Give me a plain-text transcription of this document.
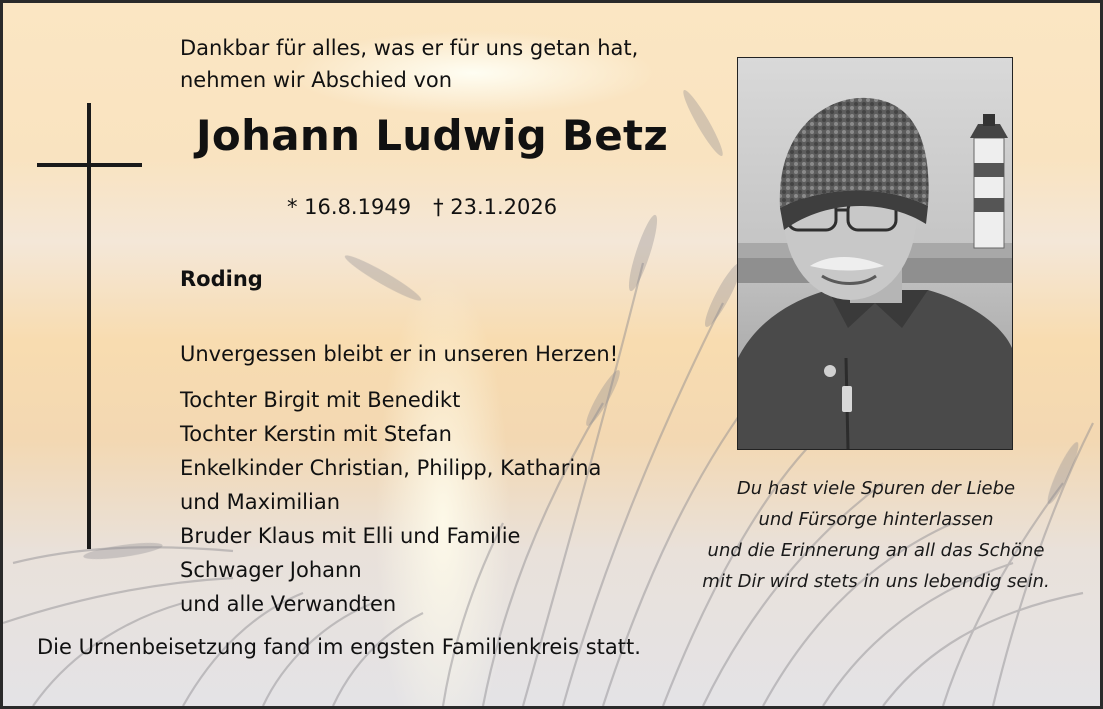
Dankbar für alles, was er für uns getan hat,
nehmen wir Abschied von
Johann Ludwig Betz
* 16.8.1949 † 23.1.2026
Roding
Unvergessen bleibt er in unseren Herzen!
Tochter Birgit mit Benedikt
Tochter Kerstin mit Stefan
Enkelkinder Christian, Philipp, Katharina
und Maximilian
Bruder Klaus mit Elli und Familie
Schwager Johann
und alle Verwandten
Du hast viele Spuren der Liebe
und Fürsorge hinterlassen
und die Erinnerung an all das Schöne
mit Dir wird stets in uns lebendig sein.
Die Urnenbeisetzung fand im engsten Familienkreis statt.
